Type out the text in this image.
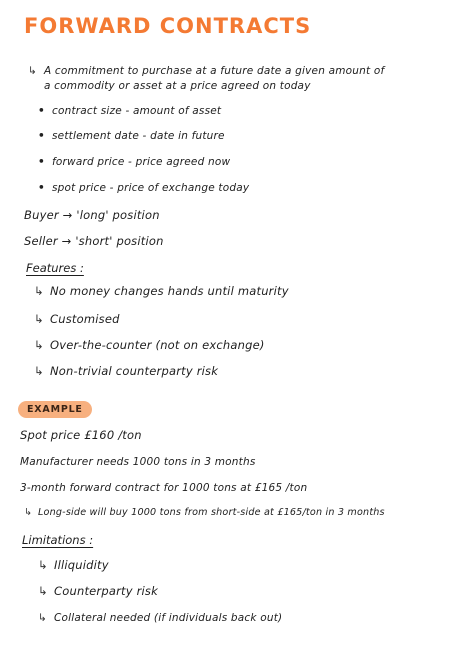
FORWARD CONTRACTS
↳ A commitment to purchase at a future date a given amount of
a commodity or asset at a price agreed on today
• contract size - amount of asset
• settlement date - date in future
• forward price - price agreed now
• spot price - price of exchange today
Buyer → 'long' position
Seller → 'short' position
Features :
↳ No money changes hands until maturity
↳ Customised
↳ Over-the-counter (not on exchange)
↳ Non-trivial counterparty risk
EXAMPLE
Spot price £160 /ton
Manufacturer needs 1000 tons in 3 months
3-month forward contract for 1000 tons at £165 /ton
↳ Long-side will buy 1000 tons from short-side at £165/ton in 3 months
Limitations :
↳ Illiquidity
↳ Counterparty risk
↳ Collateral needed (if individuals back out)
